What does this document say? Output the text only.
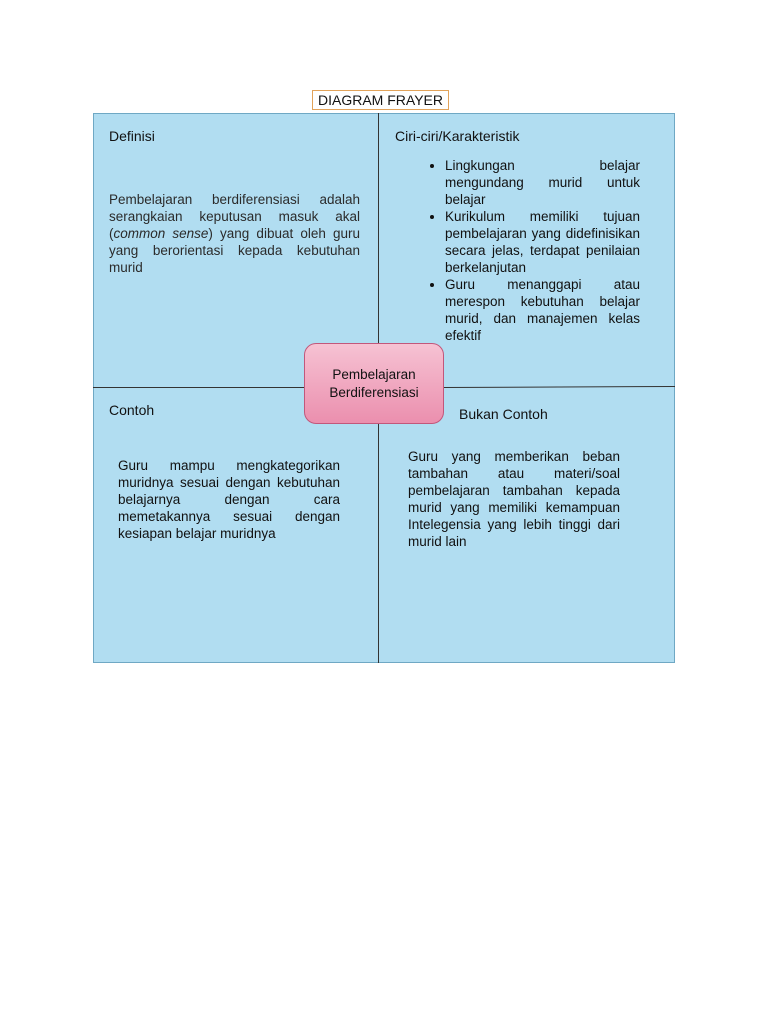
DIAGRAM FRAYER
Definisi

Pembelajaran berdiferensiasi adalah serangkaian keputusan masuk akal (common sense) yang dibuat oleh guru yang berorientasi kepada kebutuhan murid

Ciri-ciri/Karakteristik
• Lingkungan belajar mengundang murid untuk belajar
• Kurikulum memiliki tujuan pembelajaran yang didefinisikan secara jelas, terdapat penilaian berkelanjutan
• Guru menanggapi atau merespon kebutuhan belajar murid, dan manajemen kelas efektif
Contoh

Guru mampu mengkategorikan muridnya sesuai dengan kebutuhan belajarnya dengan cara memetakannya sesuai dengan kesiapan belajar muridnya

Bukan Contoh

Guru yang memberikan beban tambahan atau materi/soal pembelajaran tambahan kepada murid yang memiliki kemampuan Intelegensia yang lebih tinggi dari murid lain

Pembelajaran
Berdiferensiasi
